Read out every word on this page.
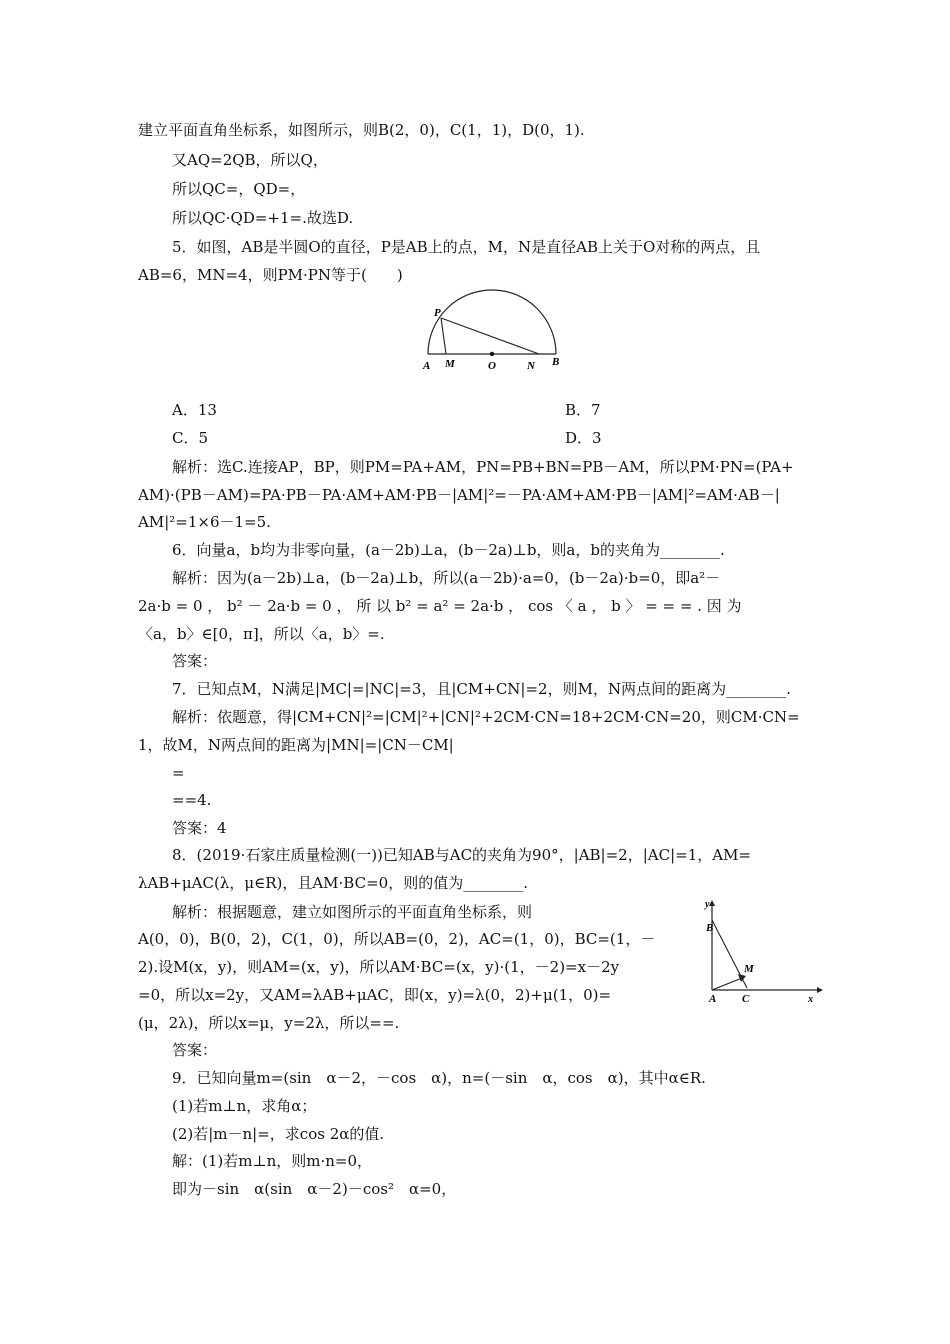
建立平面直角坐标系，如图所示，则B(2，0)，C(1，1)，D(0，1).
又AQ=2QB，所以Q，
所以QC=，QD=，
所以QC·QD=+1=.故选D.
5．如图，AB是半圆O的直径，P是AB上的点，M，N是直径AB上关于O对称的两点，且
AB=6，MN=4，则PM·PN等于(　　)
P
A M	O	N B
A．13	B．7
C．5	D．3
解析：选C.连接AP，BP，则PM=PA+AM，PN=PB+BN=PB－AM，所以PM·PN=(PA+
AM)·(PB－AM)=PA·PB－PA·AM+AM·PB－|AM|²=－PA·AM+AM·PB－|AM|²=AM·AB－|
AM|²=1×6－1=5.
6．向量a，b均为非零向量，(a－2b)⊥a，(b－2a)⊥b，则a，b的夹角为________.
解析：因为(a－2b)⊥a，(b－2a)⊥b，所以(a－2b)·a=0，(b－2a)·b=0，即a²－
2a·b = 0 ， b² － 2a·b = 0 ， 所 以 b² = a² = 2a·b ， cos 〈 a ， b 〉 = = = . 因 为
〈a，b〉∈[0，π]，所以〈a，b〉=.
答案：
7．已知点M，N满足|MC|=|NC|=3，且|CM+CN|=2，则M，N两点间的距离为________.
解析：依题意，得|CM+CN|²=|CM|²+|CN|²+2CM·CN=18+2CM·CN=20，则CM·CN=
1，故M，N两点间的距离为|MN|=|CN－CM|
=
==4.
答案：4
8．(2019·石家庄质量检测(一))已知AB与AC的夹角为90°，|AB|=2，|AC|=1，AM=
λAB+μAC(λ，μ∈R)，且AM·BC=0，则的值为________.
解析：根据题意，建立如图所示的平面直角坐标系，则
A(0，0)，B(0，2)，C(1，0)，所以AB=(0，2)，AC=(1，0)，BC=(1，－
2).设M(x，y)，则AM=(x，y)，所以AM·BC=(x，y)·(1，－2)=x－2y
=0，所以x=2y，又AM=λAB+μAC，即(x，y)=λ(0，2)+μ(1，0)=
(μ，2λ)，所以x=μ，y=2λ，所以==.
y
B
M
A C	x
答案：
9．已知向量m=(sin　α－2，－cos　α)，n=(－sin　α，cos　α)，其中α∈R.
(1)若m⊥n，求角α；
(2)若|m－n|=，求cos 2α的值.
解：(1)若m⊥n，则m·n=0，
即为－sin　α(sin　α－2)－cos²　α=0，
